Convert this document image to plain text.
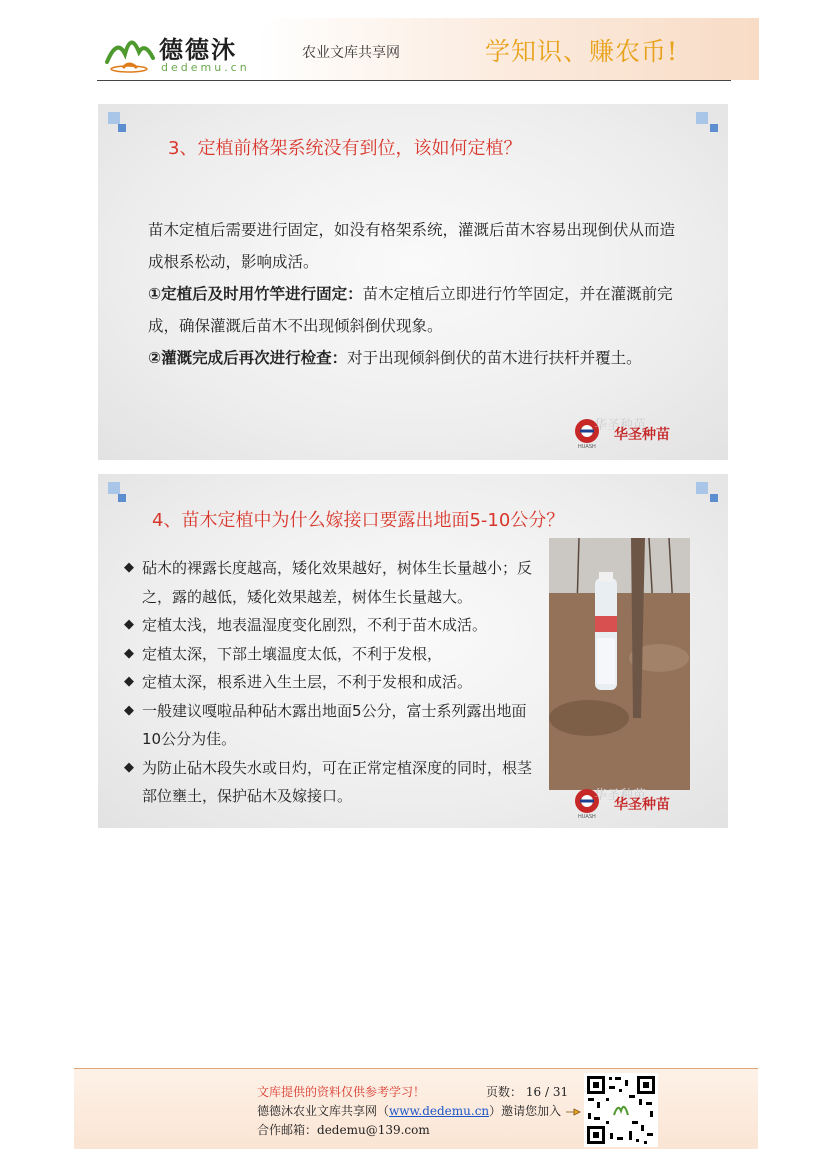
德德沐
dedemu.cn
农业文库共享网	学知识、赚农币!
3、定植前格架系统没有到位，该如何定植？

苗木定植后需要进行固定，如没有格架系统，灌溉后苗木容易出现倒伏从而造成根系松动，影响成活。

①定植后及时用竹竿进行固定：苗木定植后立即进行竹竿固定，并在灌溉前完成，确保灌溉后苗木不出现倾斜倒伏现象。

②灌溉完成后再次进行检查：对于出现倾斜倒伏的苗木进行扶杆并覆土。

华圣种苗
华圣种苗
HUASH
4、苗木定植中为什么嫁接口要露出地面5-10公分？
◆ 砧木的裸露长度越高，矮化效果越好，树体生长量越小；反之，露的越低，矮化效果越差，树体生长量越大。
◆ 定植太浅，地表温湿度变化剧烈，不利于苗木成活。
◆ 定植太深，下部土壤温度太低，不利于发根，
◆ 定植太深，根系进入生土层，不利于发根和成活。
◆ 一般建议嘎啦品种砧木露出地面5公分，富士系列露出地面10公分为佳。
◆ 为防止砧木段失水或日灼，可在正常定植深度的同时，根茎部位壅土，保护砧木及嫁接口。	华圣种苗
华圣种苗
HUASH
文库提供的资料仅供参考学习！	页数： 16 / 31
德德沐农业文库共享网（www.dedemu.cn）邀请您加入
合作邮箱：dedemu@139.com
